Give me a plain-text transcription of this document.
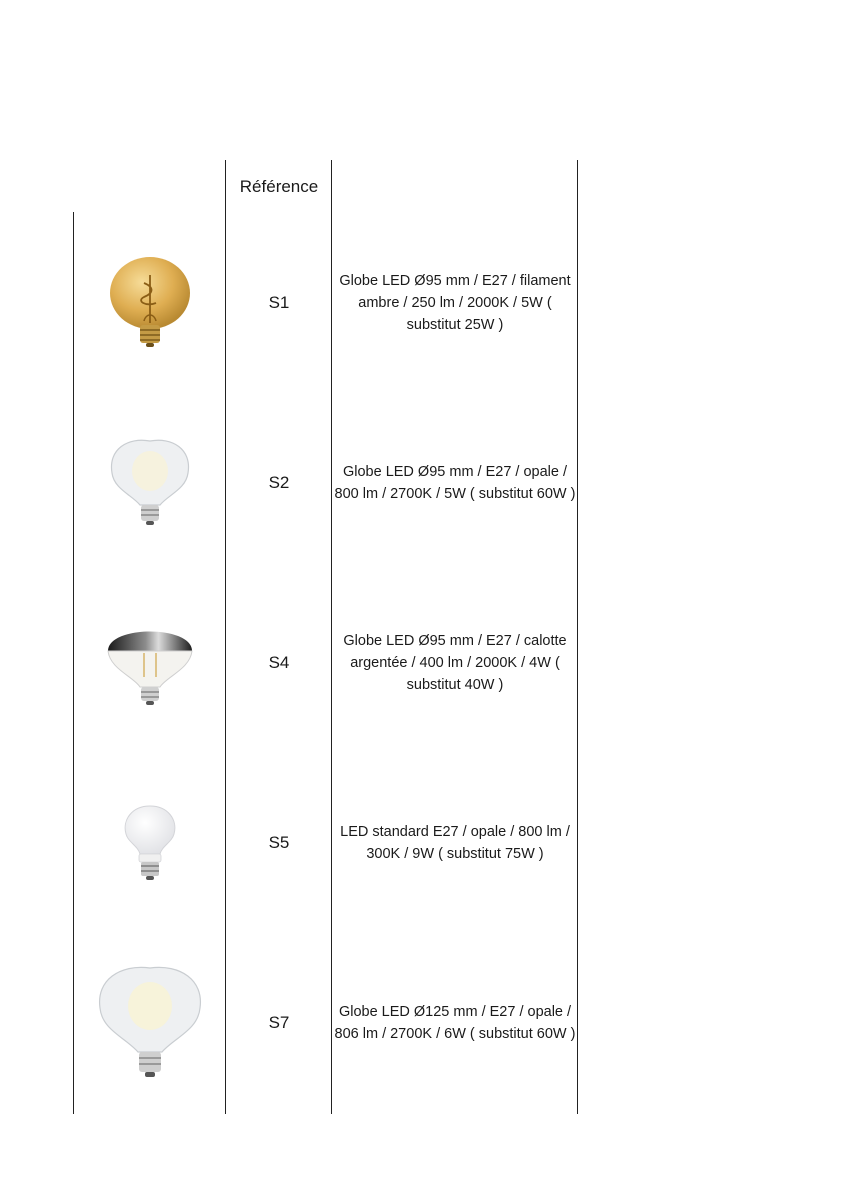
Référence
S1
Globe LED Ø95 mm / E27 / filament ambre / 250 lm / 2000K / 5W ( substitut 25W )
S2
Globe LED Ø95 mm / E27 / opale / 800 lm / 2700K / 5W ( substitut 60W )
S4
Globe LED Ø95 mm / E27 / calotte argentée / 400 lm / 2000K / 4W ( substitut 40W )
S5
LED standard E27 / opale / 800 lm / 300K / 9W ( substitut 75W )
S7
Globe LED Ø125 mm / E27 / opale / 806 lm / 2700K / 6W ( substitut 60W )
